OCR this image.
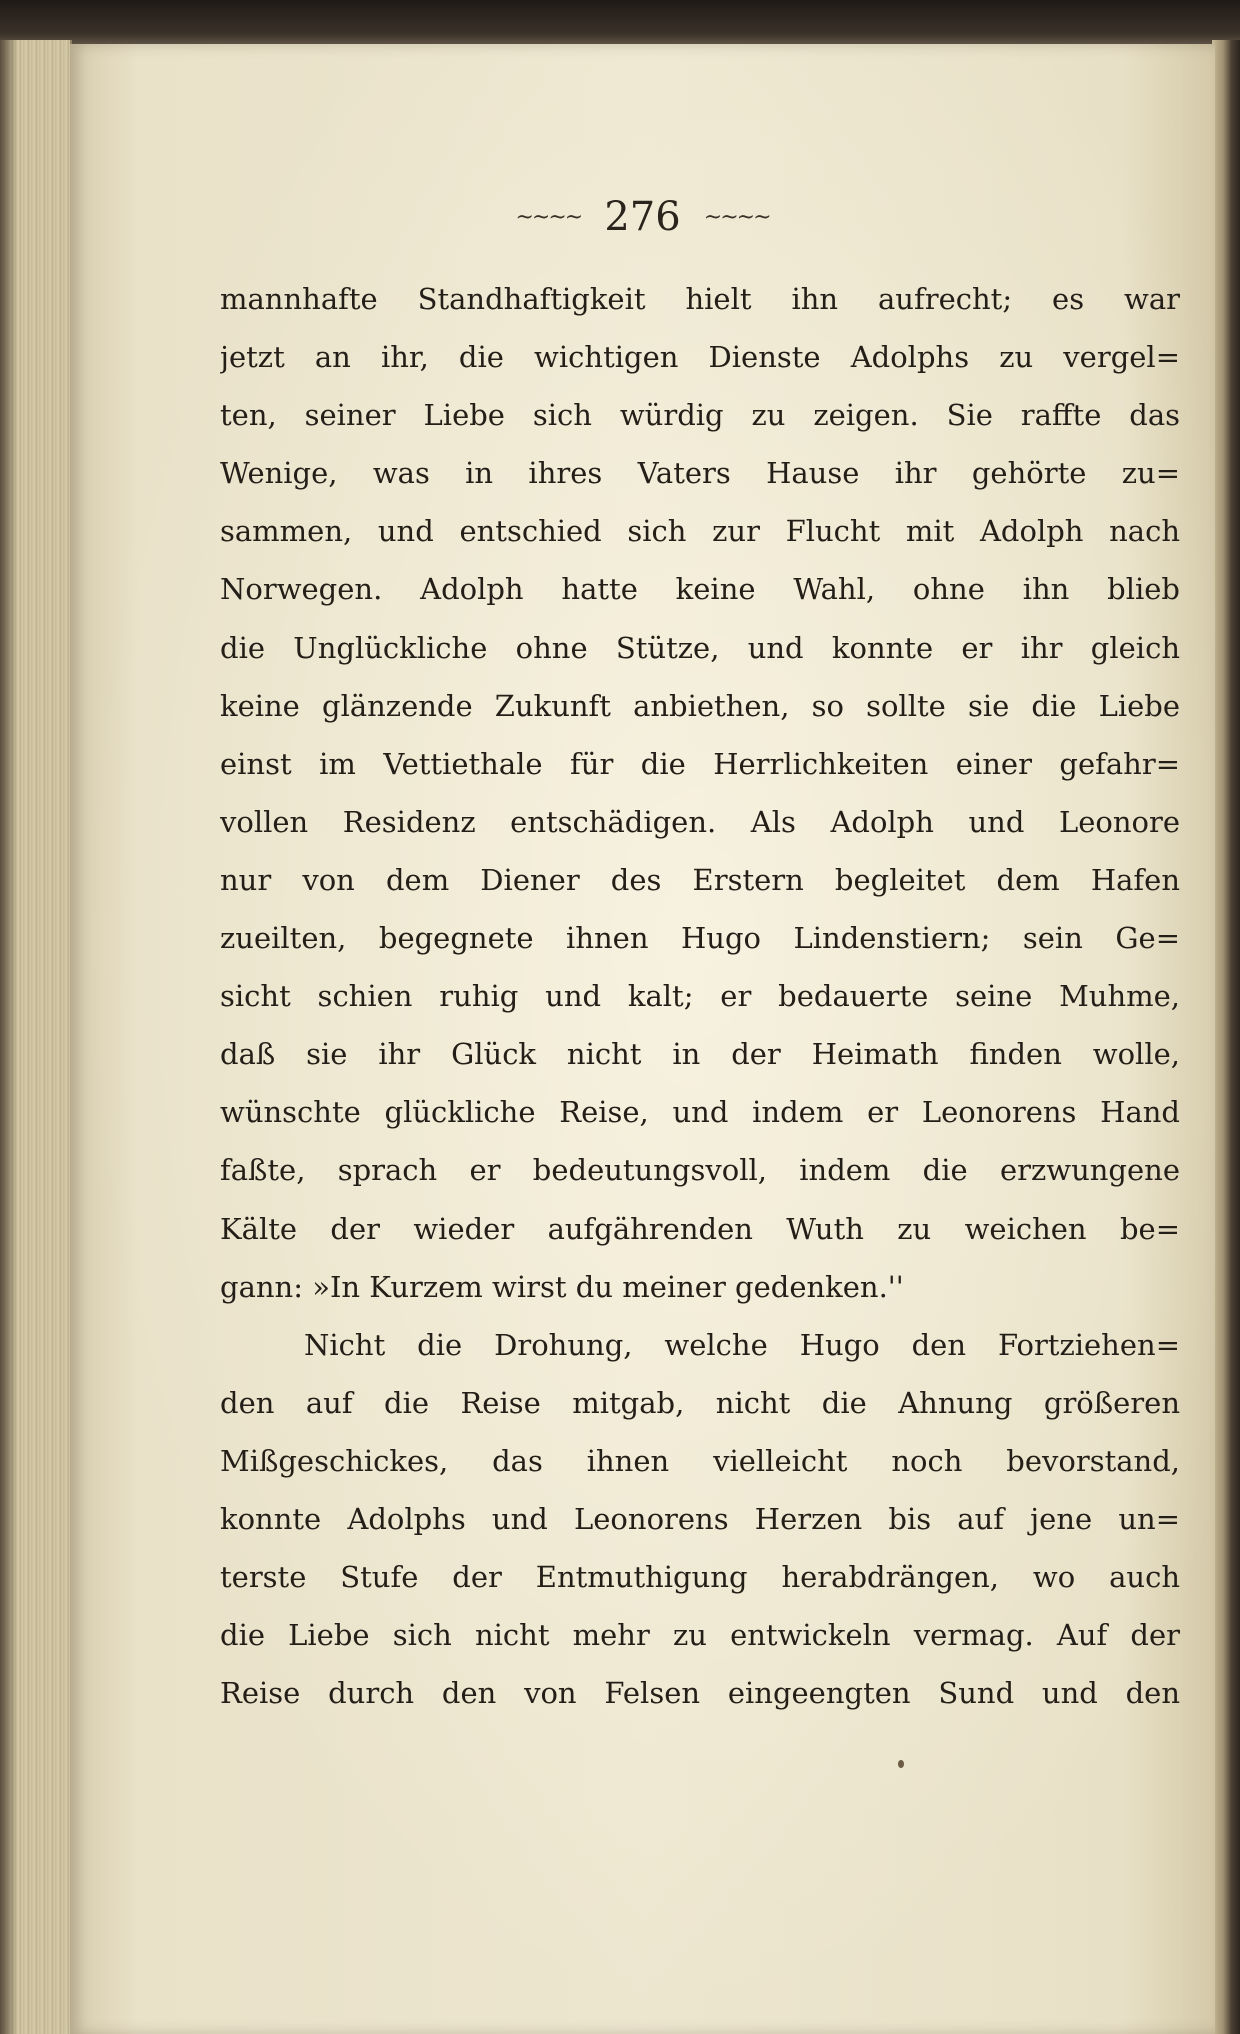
~~~~ 276 ~~~~
mannhafte Standhaftigkeit hielt ihn aufrecht; es war
jetzt an ihr, die wichtigen Dienste Adolphs zu vergel=
ten, seiner Liebe sich würdig zu zeigen. Sie raffte das
Wenige, was in ihres Vaters Hause ihr gehörte zu=
sammen, und entschied sich zur Flucht mit Adolph nach
Norwegen. Adolph hatte keine Wahl, ohne ihn blieb
die Unglückliche ohne Stütze, und konnte er ihr gleich
keine glänzende Zukunft anbiethen, so sollte sie die Liebe
einst im Vettiethale für die Herrlichkeiten einer gefahr=
vollen Residenz entschädigen. Als Adolph und Leonore
nur von dem Diener des Erstern begleitet dem Hafen
zueilten, begegnete ihnen Hugo Lindenstiern; sein Ge=
sicht schien ruhig und kalt; er bedauerte seine Muhme,
daß sie ihr Glück nicht in der Heimath finden wolle,
wünschte glückliche Reise, und indem er Leonorens Hand
faßte, sprach er bedeutungsvoll, indem die erzwungene
Kälte der wieder aufgährenden Wuth zu weichen be=
gann: »In Kurzem wirst du meiner gedenken.''
Nicht die Drohung, welche Hugo den Fortziehen=
den auf die Reise mitgab, nicht die Ahnung größeren
Mißgeschickes, das ihnen vielleicht noch bevorstand,
konnte Adolphs und Leonorens Herzen bis auf jene un=
terste Stufe der Entmuthigung herabdrängen, wo auch
die Liebe sich nicht mehr zu entwickeln vermag. Auf der
Reise durch den von Felsen eingeengten Sund und den
